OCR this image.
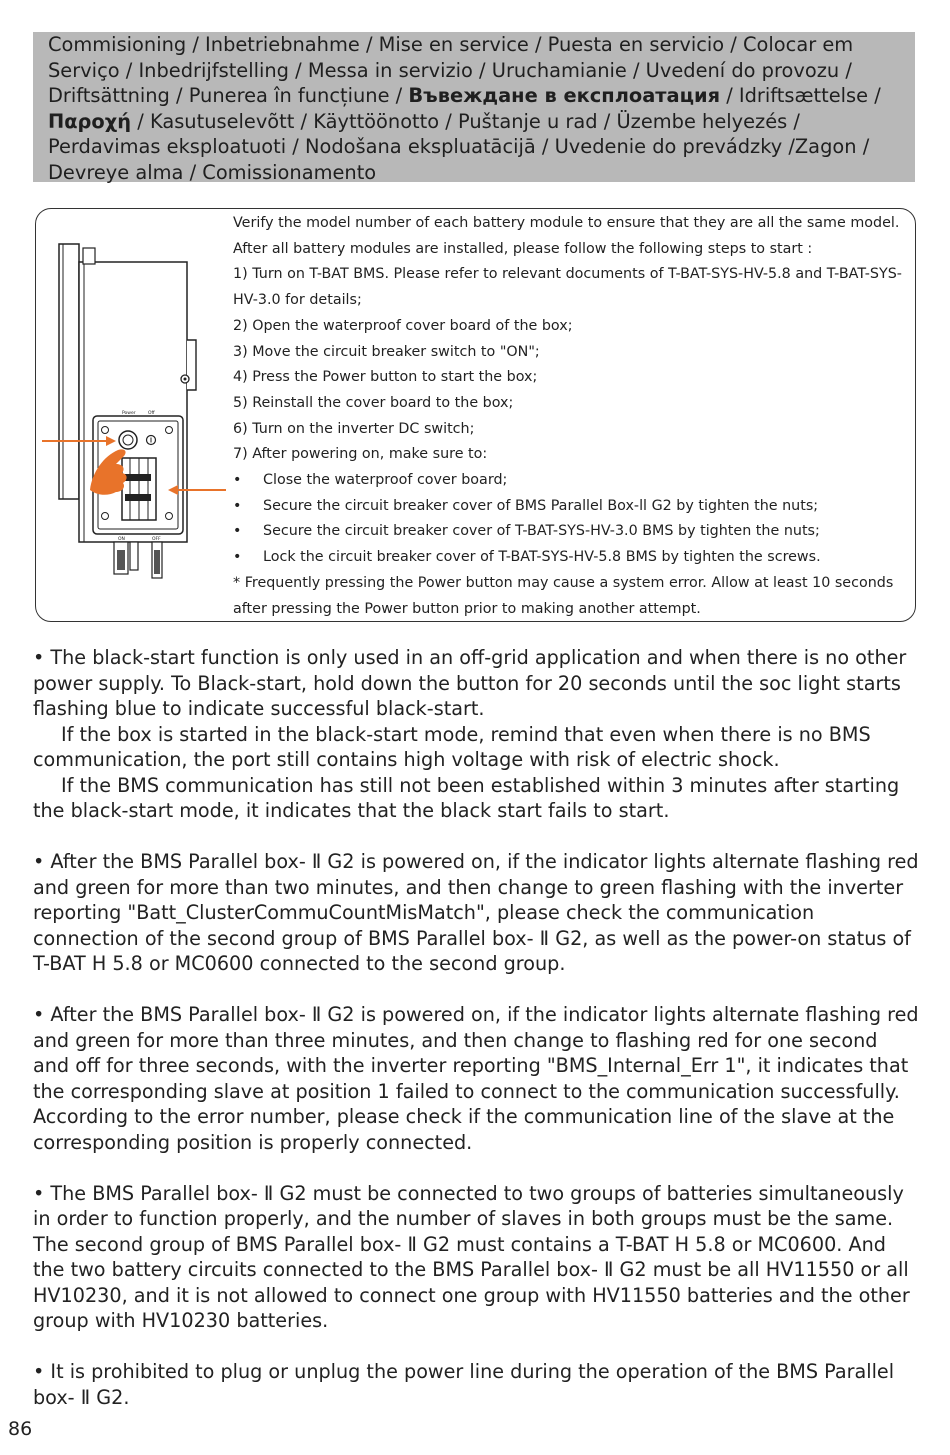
Commisioning / Inbetriebnahme / Mise en service / Puesta en servicio / Colocar em Serviço / Inbedrijfstelling / Messa in servizio / Uruchamianie / Uvedení do provozu / Driftsättning / Punerea în funcțiune / Въвеждане в експлоатация / Idriftsættelse / Παροχή / Kasutuselevõtt / Käyttöönotto / Puštanje u rad / Üzembe helyezés / Perdavimas eksploatuoti / Nodošana ekspluatācijā / Uvedenie do prevádzky /Zagon / Devreye alma / Comissionamento
Power	Off
ON	OFF
Verify the model number of each battery module to ensure that they are all the same model.
After all battery modules are installed, please follow the following steps to start :
1) Turn on T-BAT BMS. Please refer to relevant documents of T-BAT-SYS-HV-5.8 and T-BAT-SYS-HV-3.0 for details;
2) Open the waterproof cover board of the box;
3) Move the circuit breaker switch to "ON";
4) Press the Power button to start the box;
5) Reinstall the cover board to the box;
6) Turn on the inverter DC switch;
7) After powering on, make sure to:
•	Close the waterproof cover board;
•	Secure the circuit breaker cover of BMS Parallel Box-ll G2 by tighten the nuts;
•	Secure the circuit breaker cover of T-BAT-SYS-HV-3.0 BMS by tighten the nuts;
•	Lock the circuit breaker cover of T-BAT-SYS-HV-5.8 BMS by tighten the screws.
* Frequently pressing the Power button may cause a system error. Allow at least 10 seconds after pressing the Power button prior to making another attempt.

• The black-start function is only used in an off-grid application and when there is no other power supply. To Black-start, hold down the button for 20 seconds until the soc light starts flashing blue to indicate successful black-start.

If the box is started in the black-start mode, remind that even when there is no BMS communication, the port still contains high voltage with risk of electric shock.

If the BMS communication has still not been established within 3 minutes after starting the black-start mode, it indicates that the black start fails to start.

• After the BMS Parallel box- Ⅱ G2 is powered on, if the indicator lights alternate flashing red and green for more than two minutes, and then change to green flashing with the inverter reporting "Batt_ClusterCommuCountMisMatch", please check the communication connection of the second group of BMS Parallel box- Ⅱ G2, as well as the power-on status of T-BAT H 5.8 or MC0600 connected to the second group.

• After the BMS Parallel box- Ⅱ G2 is powered on, if the indicator lights alternate flashing red and green for more than three minutes, and then change to flashing red for one second and off for three seconds, with the inverter reporting "BMS_Internal_Err 1", it indicates that the corresponding slave at position 1 failed to connect to the communication successfully. According to the error number, please check if the communication line of the slave at the corresponding position is properly connected.

• The BMS Parallel box- Ⅱ G2 must be connected to two groups of batteries simultaneously in order to function properly, and the number of slaves in both groups must be the same. The second group of BMS Parallel box- Ⅱ G2 must contains a T-BAT H 5.8 or MC0600. And the two battery circuits connected to the BMS Parallel box- Ⅱ G2 must be all HV11550 or all HV10230, and it is not allowed to connect one group with HV11550 batteries and the other group with HV10230 batteries.

• It is prohibited to plug or unplug the power line during the operation of the BMS Parallel box- Ⅱ G2.

86
